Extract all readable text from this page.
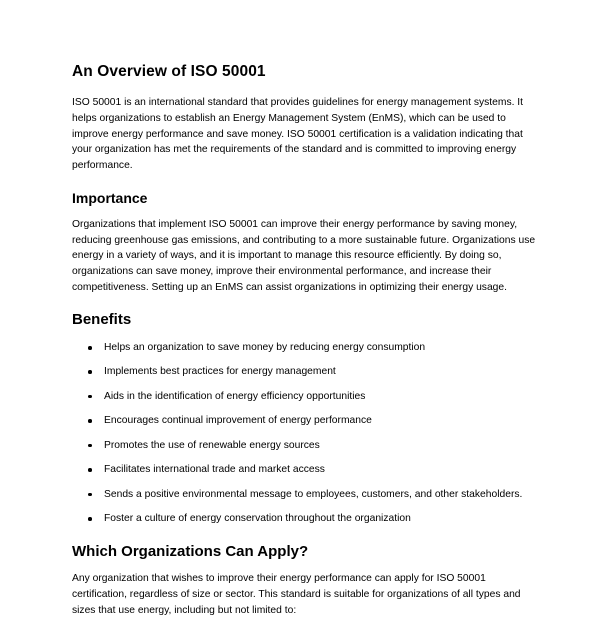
An Overview of ISO 50001

ISO 50001 is an international standard that provides guidelines for energy management systems. It helps organizations to establish an Energy Management System (EnMS), which can be used to improve energy performance and save money. ISO 50001 certification is a validation indicating that your organization has met the requirements of the standard and is committed to improving energy performance.

Importance

Organizations that implement ISO 50001 can improve their energy performance by saving money, reducing greenhouse gas emissions, and contributing to a more sustainable future. Organizations use energy in a variety of ways, and it is important to manage this resource efficiently. By doing so, organizations can save money, improve their environmental performance, and increase their competitiveness. Setting up an EnMS can assist organizations in optimizing their energy usage.

Benefits
Helps an organization to save money by reducing energy consumption
Implements best practices for energy management
Aids in the identification of energy efficiency opportunities
Encourages continual improvement of energy performance
Promotes the use of renewable energy sources
Facilitates international trade and market access
Sends a positive environmental message to employees, customers, and other stakeholders.
Foster a culture of energy conservation throughout the organization
Which Organizations Can Apply?

Any organization that wishes to improve their energy performance can apply for ISO 50001 certification, regardless of size or sector. This standard is suitable for organizations of all types and sizes that use energy, including but not limited to:
